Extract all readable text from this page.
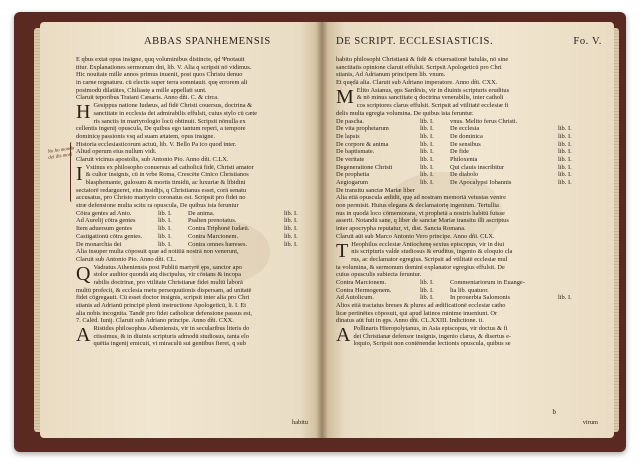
ABBAS SPANHEMENSIS
No ho mondo dei dis mosi
E qbus extat opus insigne, quq voluminibus distincte, qd Ψnotauit
titur. Explanationes sermonum dni, lib. V. Alia q scripsit nō vidimus.
Hic nouitate mille annos primus inuenit, post quos Christu denuo
in carne regnaturu. cū electis super terra somniauit. quę errorem ali
postmodū dilatātes, Chiliastę a mille appellati sunt.
Claruit teporibus Traiani Cæsaris. Anno dñi. C. & circa.
H Gesippus natione Iudæus, ad fidē Christi couersus, doctrina &
sanctitate in ecclesia dei admirabilis effulsit, cuius stylo cū cæte
ris sanctis in martyrologio locū obtinuit. Scripsit nōnulla ex
cellentis ingenij opuscula, De quibus ego tantum reperi, a tempore
dominicę passionis vsq ad suam ætatem, opus insigne.
Historia ecclesiasticorum actuū, lib. V. Bello Pa ico quod inter.
Aliud operum eius nullum vidi.
Claruit vicinus apostolis, sub Antonio Pio. Anno dñi. C.LX.
I Vstinus ex philosopho conuersus ad catholicā fidē, Christi amator
& cultor insignis, cū in vrbe Roma, Crescēte Cinico Christianos
blasphemante, gulosum & mortis timidū, ac luxuriæ & libidini
sectatorē redargueret, eius insidijs, q Christianus esset, corā senatu
accusatus, pro Christo martyrio coronatus est. Scripsit pro fidei no
stræ defensione multa scitu ra opuscula, De quibus ista feruntur
Cōtra gentes ad Anto.	lib. I.	De anima.	lib. I.
Ad Aurelij cōtra gentes	lib. I.	Psalten prenotatus.	lib. I.
Item aduersum gentes	lib. I.	Contra Triphonē Iudæū.	lib. I.
Castigationū cōtra gentes.	lib. I.	Contra Marcionem.	lib. I.
De monarchia dei	lib. I.	Contra omnes hæreses.	lib. I.
Alia insuper multa cōposuit quæ ad notitiā nostrā non venerunt,
Claruit sub Antonio Pio. Anno dñi. CL.
Q Vadratus Atheniensis post Publiū martyrē ęps, sanctor apo
stolor auditor quondā atq discipulus, vir cōstans & incopa
rabilis doctrinæ, pro vtilitate Christianæ fidei multū laborā
multū profecit, & ecclesia metu persequutionis dispersam, ad unitatē
fidei cōgregauit. Cū esset doctor insignis, scripsit inter alia pro Chri
stianis ad Adrianū principē plenū instructione Apologeticū, li. I. Et
alia nobis incognita. Tandē pro fidei catholicæ defensione passus est,
7. Calēd. Iunij. Claruit sub Adriano principe. Anno dñi. CXX.
A Ristides philosophus Atheniensis, vir in secularibus literis do
ctissimus, & in diuinis scripturis admodū studiosus, tanta elo
quētia ingenij emicuit, vt miraculū sui gentibus fieret, q sub
habitu
DE SCRIPT. ECCLESIASTICIS.	Fo. V.
habitu philosophi Christianā & fidē & cōuersationē baiulās, nō sine
sanctitatis opinione claruit effulsit. Scripsit Apologeticū pro Chri
stianis, Ad Adrianum principem lib. vnum.
Et quędā alia. Claruit sub Adriano imperatore. Anno dñi. CXX.
M Elito Asianus, ęps Sardēsis, vir in diuinis scripturis eruditus
& nō minus sanctitate q doctrina venerabilis, inter catholi
cos scriptores clarus effulsit. Scripsit ad vtilitatē ecclesiæ fi
delis multa egregia volumina. De quibus ista feruntur.
De pascha.	lib. I.	vnus. Melito ferus Christi.
De vita prophetarum	lib. I.	De ecclesia	lib. I.
De lapsis	lib. I.	De dominica	lib. I.
De corpore & anima	lib. I.	De sensibus	lib. I.
De baptismate.	lib. I.	De fide	lib. I.
De veritate	lib. I.	Philoxenia	lib. I.
Degeneratione Christi	lib. I.	Qui clauis inscribitur	lib. I.
De prophetia	lib. I.	De diabolo	lib. I.
Aegiogarum	lib. I.	De Apocalypsi Iohannis	lib. I.
De transitu sanctæ Mariæ liber
Alia etiā opuscula ædidit, quę ad nostram memoriā vetustas venire
non permisit. Huius elegans & declamatorię ingenium. Tertullia
nus in quodā loco cōmemorans, vt prophetā a nostris habitū fuisse
asserit. Notandū sane, q liber de sanctæ Mariæ transitu illi ascriptus
inter apocrypha reputatur, vt, dist. Sancta Romana.
Claruit aūt sub Marco Antonio Vero principe. Anno dñi. CLX.
T Heophilus ecclesiæ Antiochenę sextus episcopus, vir in diui
nis scripturis valde studiosus & eruditus, ingenio & eloquio cla
rus, ac declamator egregius. Scripsit ad vtilitatē ecclesiæ mul
ta volumina, & sermonum domini explanator egregius effulsit. De
cuius opusculis subiecta feruntur.
Contra Marcionem.	lib. I.	Commentariorum in Euange-
Contra Hermogenem.	lib. I.	lia lib. quatuor.
Ad Autolicum.	lib. I.	In prouerbia Salomonis	lib. I.
Alios etiā tractatus breues & plures ad ædificationē ecclesiæ catho
licæ pertinētes cōposuit, qui apud latinos minime inueniunt. Or
dinatus aūt fuit in ęps. Anno dñi. CL.XXIII. Indictione. ii.
A Pollinaris Hieropolytanus, in Asia episcopus, vir doctus & fi
dei Christianæ defensor insignis, ingenio clarus, & disertus e-
loquio, Scripsit non contēnendæ lectionis opuscula, quibus se
b
virum
